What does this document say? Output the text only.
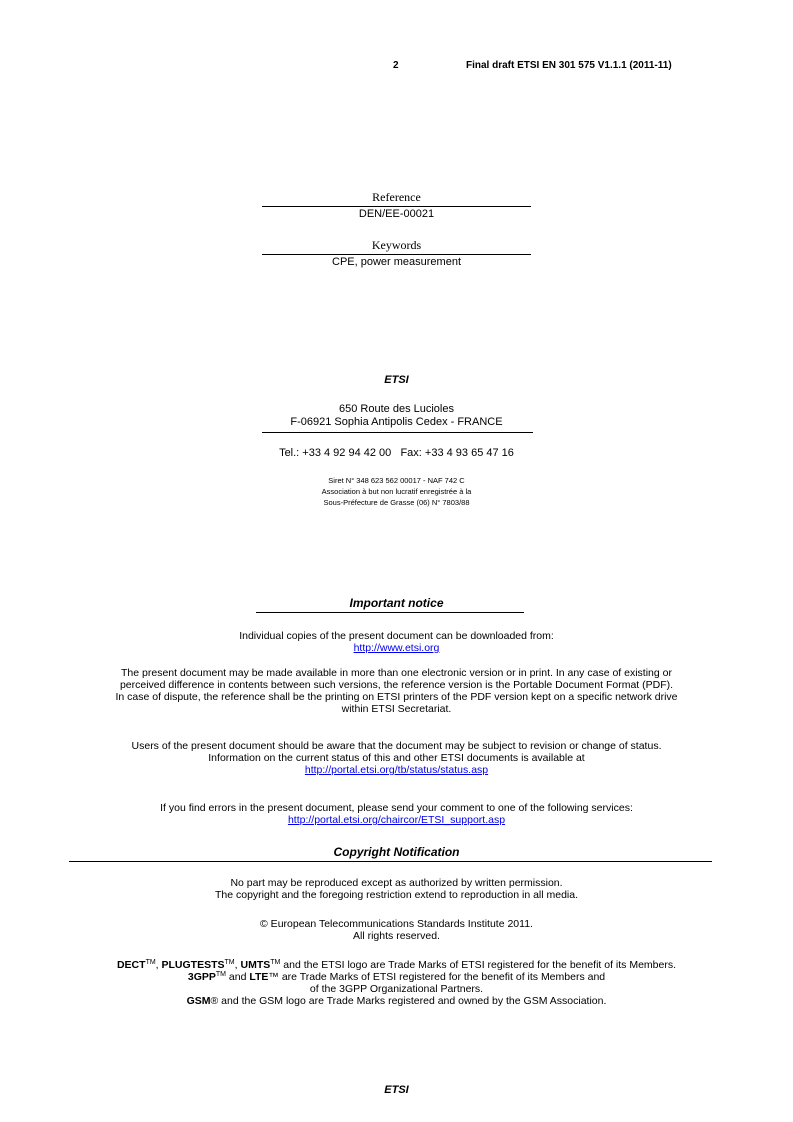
2	Final draft ETSI EN 301 575 V1.1.1 (2011-11)
Reference
DEN/EE-00021
Keywords
CPE, power measurement
ETSI
650 Route des Lucioles
F-06921 Sophia Antipolis Cedex - FRANCE
Tel.: +33 4 92 94 42 00   Fax: +33 4 93 65 47 16
Siret N° 348 623 562 00017 - NAF 742 C
Association à but non lucratif enregistrée à la
Sous-Préfecture de Grasse (06) N° 7803/88
Important notice
Individual copies of the present document can be downloaded from:
http://www.etsi.org
The present document may be made available in more than one electronic version or in print. In any case of existing or
perceived difference in contents between such versions, the reference version is the Portable Document Format (PDF).
In case of dispute, the reference shall be the printing on ETSI printers of the PDF version kept on a specific network drive
within ETSI Secretariat.
Users of the present document should be aware that the document may be subject to revision or change of status.
Information on the current status of this and other ETSI documents is available at
http://portal.etsi.org/tb/status/status.asp
If you find errors in the present document, please send your comment to one of the following services:
http://portal.etsi.org/chaircor/ETSI_support.asp
Copyright Notification
No part may be reproduced except as authorized by written permission.
The copyright and the foregoing restriction extend to reproduction in all media.
© European Telecommunications Standards Institute 2011.
All rights reserved.
DECT™, PLUGTESTS™, UMTS™ and the ETSI logo are Trade Marks of ETSI registered for the benefit of its Members.
3GPP™ and LTE™ are Trade Marks of ETSI registered for the benefit of its Members and
of the 3GPP Organizational Partners.
GSM® and the GSM logo are Trade Marks registered and owned by the GSM Association.
ETSI
